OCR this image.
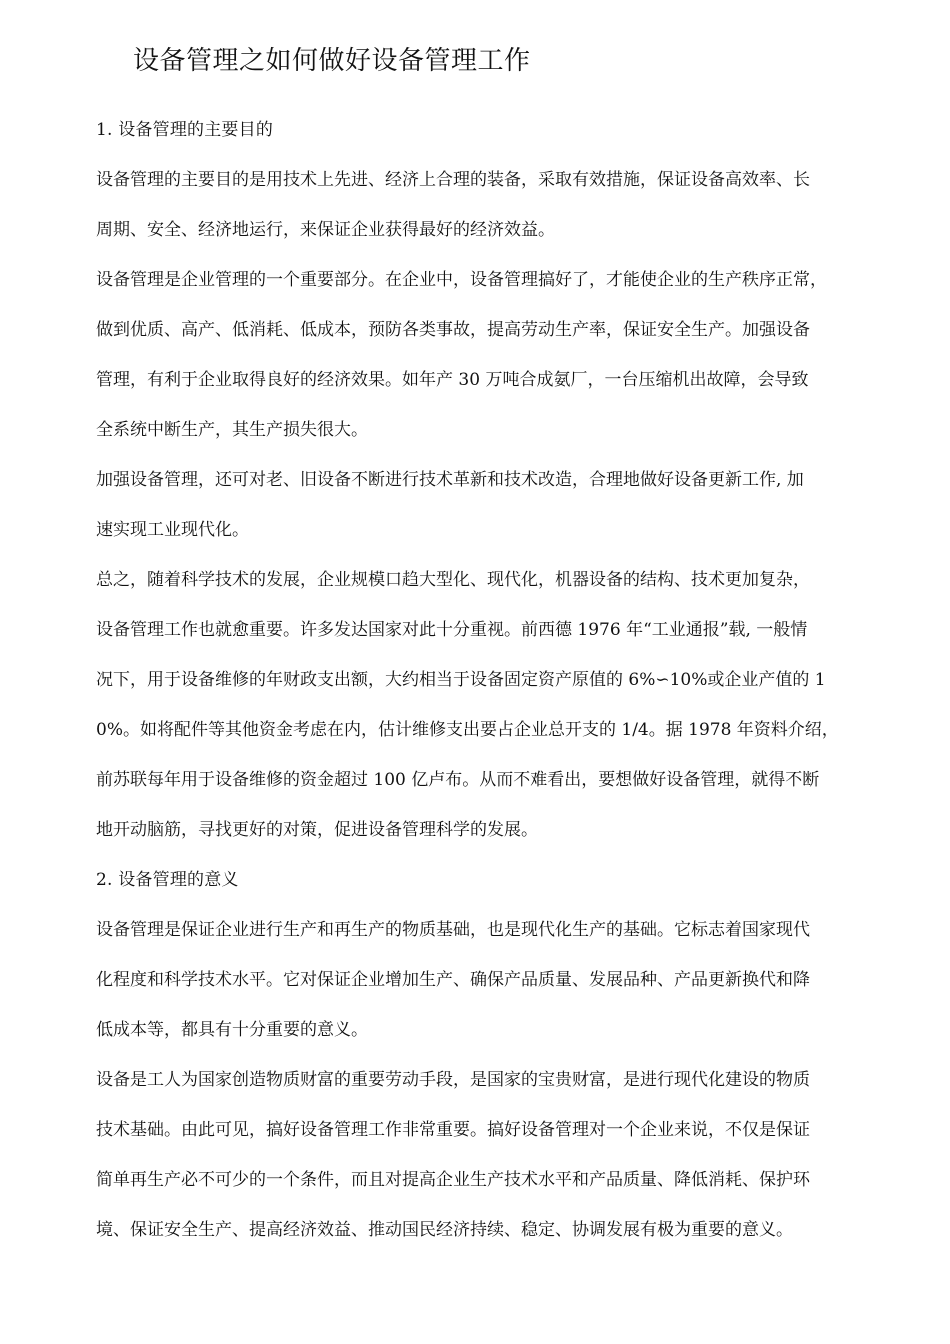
设备管理之如何做好设备管理工作

1. 设备管理的主要目的

设备管理的主要目的是用技术上先进、经济上合理的装备，采取有效措施，保证设备高效率、长

周期、安全、经济地运行，来保证企业获得最好的经济效益。

设备管理是企业管理的一个重要部分。在企业中，设备管理搞好了，才能使企业的生产秩序正常，

做到优质、高产、低消耗、低成本，预防各类事故，提高劳动生产率，保证安全生产。加强设备

管理，有利于企业取得良好的经济效果。如年产 30 万吨合成氨厂，一台压缩机出故障，会导致

全系统中断生产，其生产损失很大。

加强设备管理，还可对老、旧设备不断进行技术革新和技术改造，合理地做好设备更新工作, 加

速实现工业现代化。

总之，随着科学技术的发展，企业规模口趋大型化、现代化，机器设备的结构、技术更加复杂，

设备管理工作也就愈重要。许多发达国家对此十分重视。前西德 1976 年“工业通报”载, 一般情

况下，用于设备维修的年财政支出额，大约相当于设备固定资产原值的 6%∽10%或企业产值的 1

0%。如将配件等其他资金考虑在内，估计维修支出要占企业总开支的 1/4。据 1978 年资料介绍，

前苏联每年用于设备维修的资金超过 100 亿卢布。从而不难看出，要想做好设备管理，就得不断

地开动脑筋，寻找更好的对策，促进设备管理科学的发展。

2. 设备管理的意义

设备管理是保证企业进行生产和再生产的物质基础，也是现代化生产的基础。它标志着国家现代

化程度和科学技术水平。它对保证企业增加生产、确保产品质量、发展品种、产品更新换代和降

低成本等，都具有十分重要的意义。

设备是工人为国家创造物质财富的重要劳动手段，是国家的宝贵财富，是进行现代化建设的物质

技术基础。由此可见，搞好设备管理工作非常重要。搞好设备管理对一个企业来说，不仅是保证

简单再生产必不可少的一个条件，而且对提高企业生产技术水平和产品质量、降低消耗、保护环

境、保证安全生产、提高经济效益、推动国民经济持续、稳定、协调发展有极为重要的意义。
